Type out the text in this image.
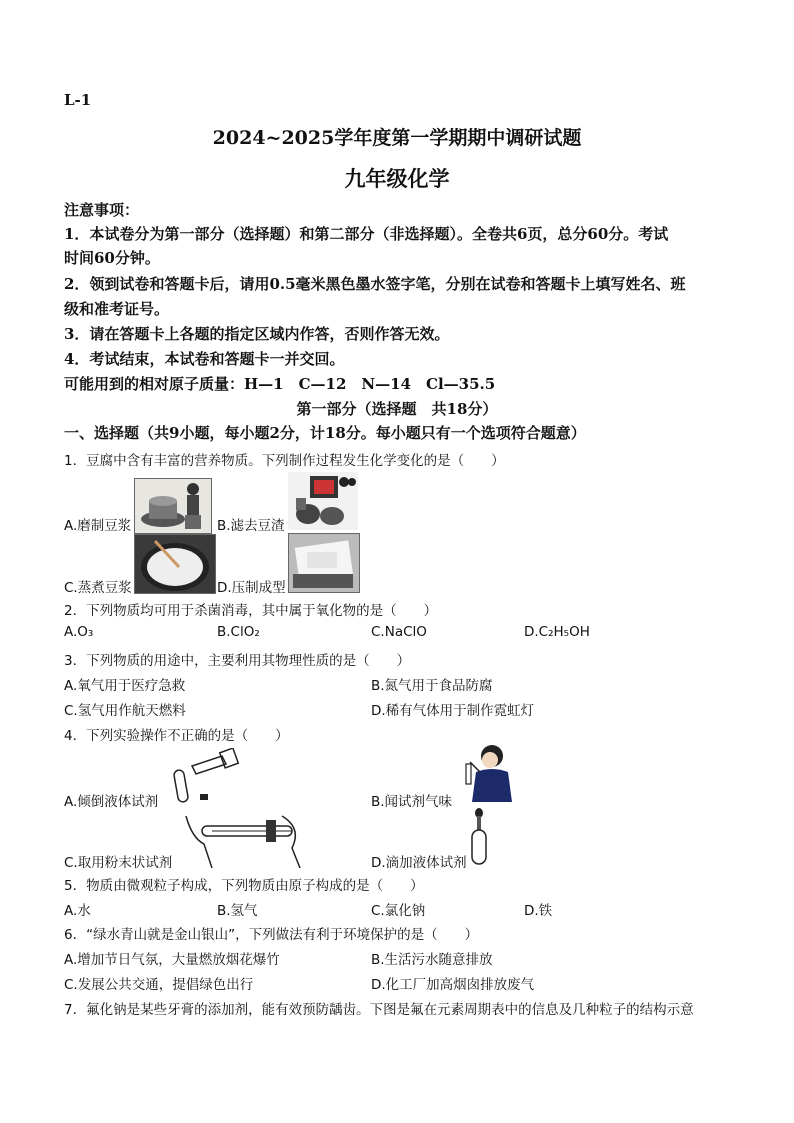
L-1
2024~2025学年度第一学期期中调研试题
九年级化学
注意事项：
1．本试卷分为第一部分（选择题）和第二部分（非选择题）。全卷共6页，总分60分。考试
时间60分钟。
2．领到试卷和答题卡后，请用0.5毫米黑色墨水签字笔，分别在试卷和答题卡上填写姓名、班
级和准考证号。
3．请在答题卡上各题的指定区域内作答，否则作答无效。
4．考试结束，本试卷和答题卡一并交回。
可能用到的相对原子质量：H—1　C—12　N—14　Cl—35.5
第一部分（选择题　共18分）
一、选择题（共9小题，每小题2分，计18分。每小题只有一个选项符合题意）
1．豆腐中含有丰富的营养物质。下列制作过程发生化学变化的是（　　）
A.磨制豆浆	B.滤去豆渣
C.蒸煮豆浆	D.压制成型
2．下列物质均可用于杀菌消毒，其中属于氧化物的是（　　）
A.O₃	B.ClO₂	C.NaClO	D.C₂H₅OH
3．下列物质的用途中，主要利用其物理性质的是（　　）
A.氧气用于医疗急救	B.氮气用于食品防腐
C.氢气用作航天燃料	D.稀有气体用于制作霓虹灯
4．下列实验操作不正确的是（　　）
A.倾倒液体试剂	B.闻试剂气味
C.取用粉末状试剂	D.滴加液体试剂
5．物质由微观粒子构成，下列物质由原子构成的是（　　）
A.水	B.氢气	C.氯化钠	D.铁
6．“绿水青山就是金山银山”，下列做法有利于环境保护的是（　　）
A.增加节日气氛，大量燃放烟花爆竹	B.生活污水随意排放
C.发展公共交通，提倡绿色出行	D.化工厂加高烟囱排放废气
7．氟化钠是某些牙膏的添加剂，能有效预防龋齿。下图是氟在元素周期表中的信息及几种粒子的结构示意
